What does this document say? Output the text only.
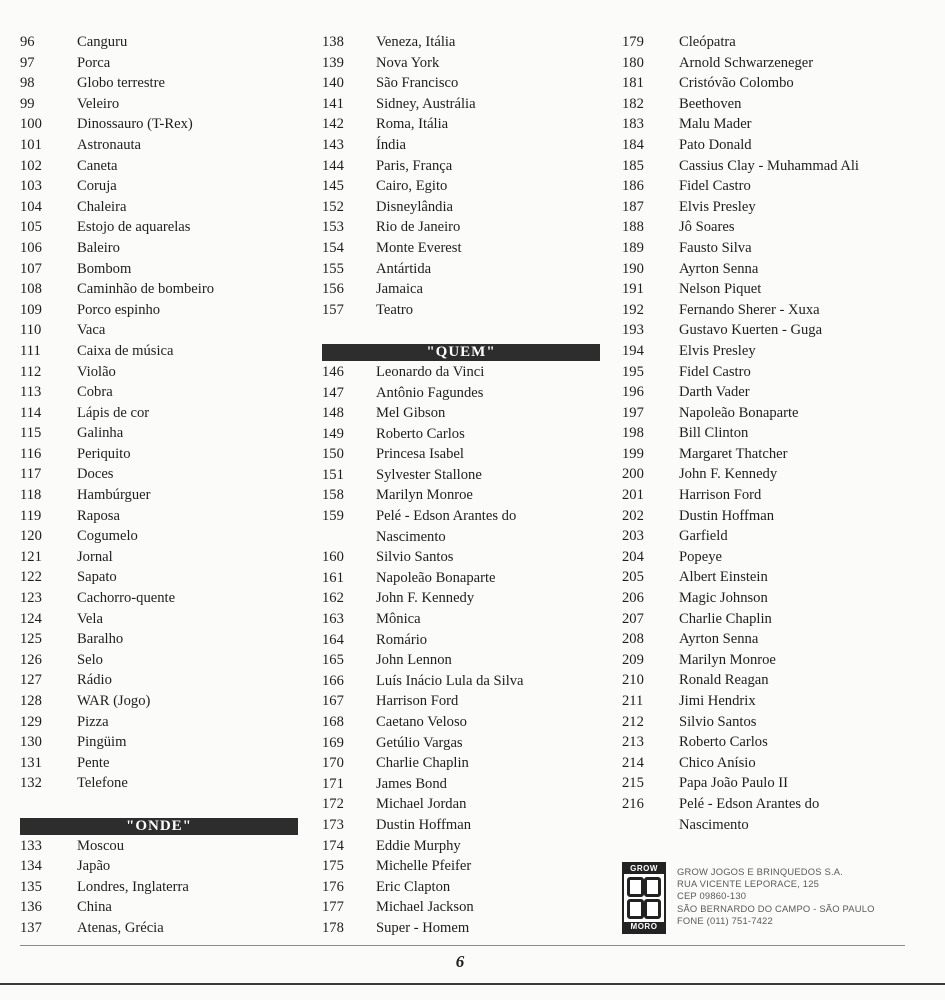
96	Canguru
97	Porca
98	Globo terrestre
99	Veleiro
100	Dinossauro (T-Rex)
101	Astronauta
102	Caneta
103	Coruja
104	Chaleira
105	Estojo de aquarelas
106	Baleiro
107	Bombom
108	Caminhão de bombeiro
109	Porco espinho
110	Vaca
111	Caixa de música
112	Violão
113	Cobra
114	Lápis de cor
115	Galinha
116	Periquito
117	Doces
118	Hambúrguer
119	Raposa
120	Cogumelo
121	Jornal
122	Sapato
123	Cachorro-quente
124	Vela
125	Baralho
126	Selo
127	Rádio
128	WAR (Jogo)
129	Pizza
130	Pingüim
131	Pente
132	Telefone
"ONDE"
133	Moscou
134	Japão
135	Londres, Inglaterra
136	China
137	Atenas, Grécia
138	Veneza, Itália
139	Nova York
140	São Francisco
141	Sidney, Austrália
142	Roma, Itália
143	Índia
144	Paris, França
145	Cairo, Egito
152	Disneylândia
153	Rio de Janeiro
154	Monte Everest
155	Antártida
156	Jamaica
157	Teatro
"QUEM"
146	Leonardo da Vinci
147	Antônio Fagundes
148	Mel Gibson
149	Roberto Carlos
150	Princesa Isabel
151	Sylvester Stallone
158	Marilyn Monroe
159	Pelé - Edson Arantes do
Nascimento
160	Silvio Santos
161	Napoleão Bonaparte
162	John F. Kennedy
163	Mônica
164	Romário
165	John Lennon
166	Luís Inácio Lula da Silva
167	Harrison Ford
168	Caetano Veloso
169	Getúlio Vargas
170	Charlie Chaplin
171	James Bond
172	Michael Jordan
173	Dustin Hoffman
174	Eddie Murphy
175	Michelle Pfeifer
176	Eric Clapton
177	Michael Jackson
178	Super - Homem
179	Cleópatra
180	Arnold Schwarzeneger
181	Cristóvão Colombo
182	Beethoven
183	Malu Mader
184	Pato Donald
185	Cassius Clay - Muhammad Ali
186	Fidel Castro
187	Elvis Presley
188	Jô Soares
189	Fausto Silva
190	Ayrton Senna
191	Nelson Piquet
192	Fernando Sherer - Xuxa
193	Gustavo Kuerten - Guga
194	Elvis Presley
195	Fidel Castro
196	Darth Vader
197	Napoleão Bonaparte
198	Bill Clinton
199	Margaret Thatcher
200	John F. Kennedy
201	Harrison Ford
202	Dustin Hoffman
203	Garfield
204	Popeye
205	Albert Einstein
206	Magic Johnson
207	Charlie Chaplin
208	Ayrton Senna
209	Marilyn Monroe
210	Ronald Reagan
211	Jimi Hendrix
212	Silvio Santos
213	Roberto Carlos
214	Chico Anísio
215	Papa João Paulo II
216	Pelé - Edson Arantes do
Nascimento
GROW
MORO
GROW JOGOS E BRINQUEDOS S.A.
RUA VICENTE LEPORACE, 125
CEP 09860-130
SÃO BERNARDO DO CAMPO - SÃO PAULO
FONE (011) 751-7422
6
